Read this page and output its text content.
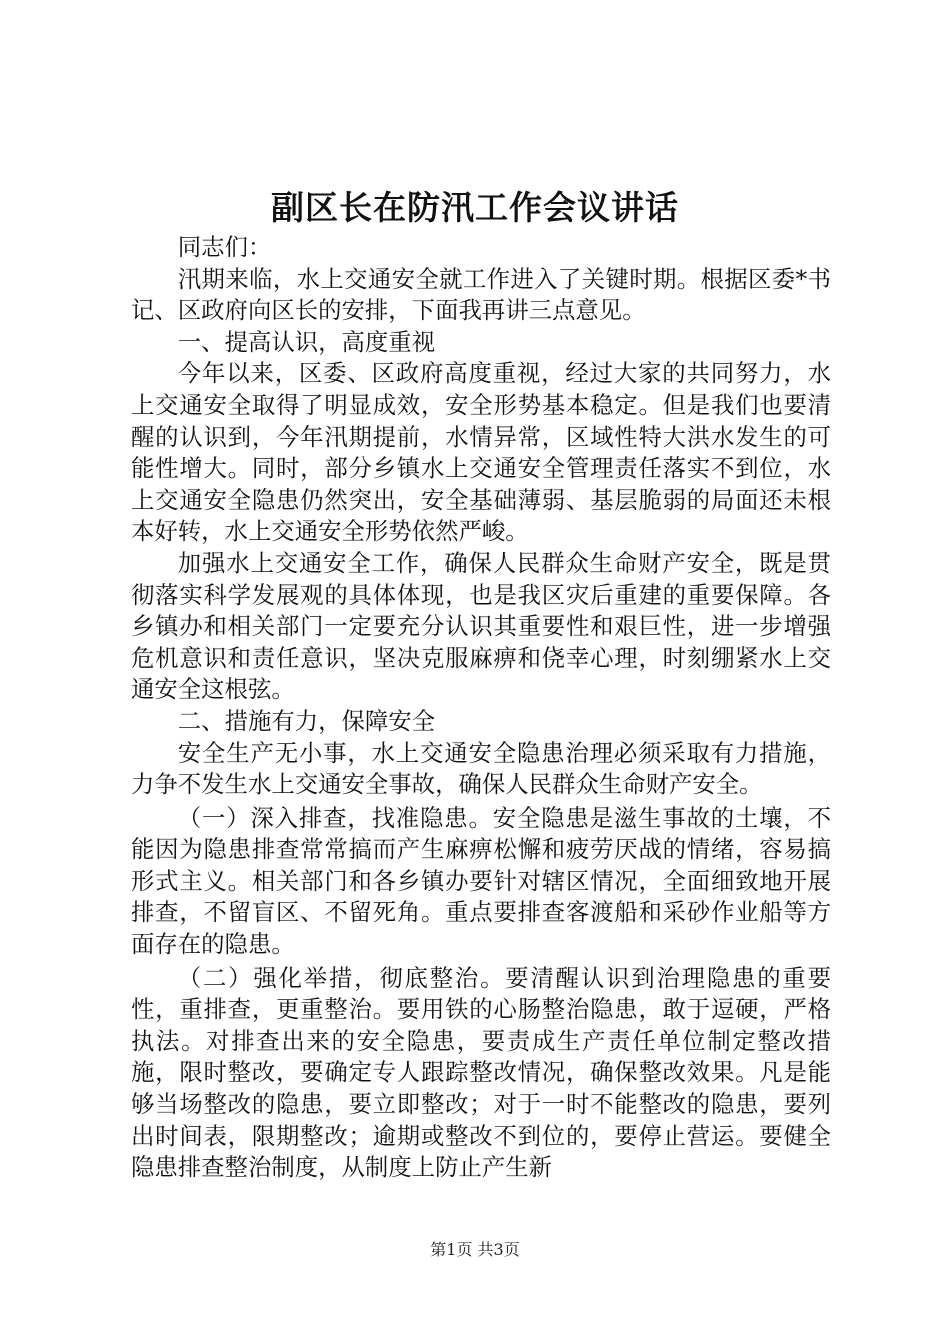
副区长在防汛工作会议讲话

同志们：

汛期来临，水上交通安全就工作进入了关键时期。根据区委*书记、区政府向区长的安排，下面我再讲三点意见。

一、提高认识，高度重视

今年以来，区委、区政府高度重视，经过大家的共同努力，水上交通安全取得了明显成效，安全形势基本稳定。但是我们也要清醒的认识到，今年汛期提前，水情异常，区域性特大洪水发生的可能性增大。同时，部分乡镇水上交通安全管理责任落实不到位，水上交通安全隐患仍然突出，安全基础薄弱、基层脆弱的局面还未根本好转，水上交通安全形势依然严峻。

加强水上交通安全工作，确保人民群众生命财产安全，既是贯彻落实科学发展观的具体体现，也是我区灾后重建的重要保障。各乡镇办和相关部门一定要充分认识其重要性和艰巨性，进一步增强危机意识和责任意识，坚决克服麻痹和侥幸心理，时刻绷紧水上交通安全这根弦。

二、措施有力，保障安全

安全生产无小事，水上交通安全隐患治理必须采取有力措施，力争不发生水上交通安全事故，确保人民群众生命财产安全。

（一）深入排查，找准隐患。安全隐患是滋生事故的土壤，不能因为隐患排查常常搞而产生麻痹松懈和疲劳厌战的情绪，容易搞形式主义。相关部门和各乡镇办要针对辖区情况，全面细致地开展排查，不留盲区、不留死角。重点要排查客渡船和采砂作业船等方面存在的隐患。

（二）强化举措，彻底整治。要清醒认识到治理隐患的重要性，重排查，更重整治。要用铁的心肠整治隐患，敢于逗硬，严格执法。对排查出来的安全隐患，要责成生产责任单位制定整改措施，限时整改，要确定专人跟踪整改情况，确保整改效果。凡是能够当场整改的隐患，要立即整改；对于一时不能整改的隐患，要列出时间表，限期整改；逾期或整改不到位的，要停止营运。要健全隐患排查整治制度，从制度上防止产生新

第1页 共3页
